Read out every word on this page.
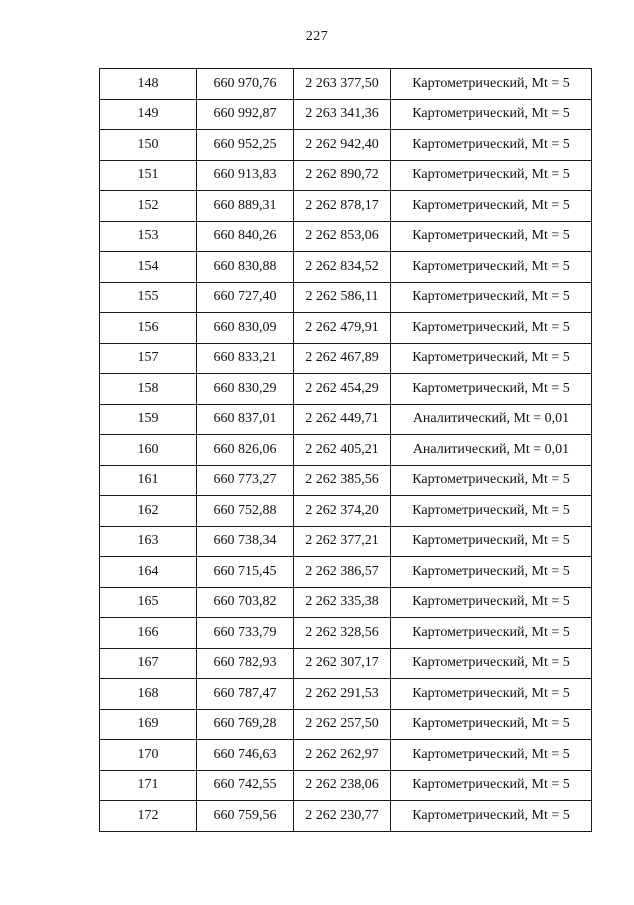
227
148	660 970,76	2 263 377,50	Картометрический, Mt = 5
149	660 992,87	2 263 341,36	Картометрический, Mt = 5
150	660 952,25	2 262 942,40	Картометрический, Mt = 5
151	660 913,83	2 262 890,72	Картометрический, Mt = 5
152	660 889,31	2 262 878,17	Картометрический, Mt = 5
153	660 840,26	2 262 853,06	Картометрический, Mt = 5
154	660 830,88	2 262 834,52	Картометрический, Mt = 5
155	660 727,40	2 262 586,11	Картометрический, Mt = 5
156	660 830,09	2 262 479,91	Картометрический, Mt = 5
157	660 833,21	2 262 467,89	Картометрический, Mt = 5
158	660 830,29	2 262 454,29	Картометрический, Mt = 5
159	660 837,01	2 262 449,71	Аналитический, Mt = 0,01
160	660 826,06	2 262 405,21	Аналитический, Mt = 0,01
161	660 773,27	2 262 385,56	Картометрический, Mt = 5
162	660 752,88	2 262 374,20	Картометрический, Mt = 5
163	660 738,34	2 262 377,21	Картометрический, Mt = 5
164	660 715,45	2 262 386,57	Картометрический, Mt = 5
165	660 703,82	2 262 335,38	Картометрический, Mt = 5
166	660 733,79	2 262 328,56	Картометрический, Mt = 5
167	660 782,93	2 262 307,17	Картометрический, Mt = 5
168	660 787,47	2 262 291,53	Картометрический, Mt = 5
169	660 769,28	2 262 257,50	Картометрический, Mt = 5
170	660 746,63	2 262 262,97	Картометрический, Mt = 5
171	660 742,55	2 262 238,06	Картометрический, Mt = 5
172	660 759,56	2 262 230,77	Картометрический, Mt = 5
